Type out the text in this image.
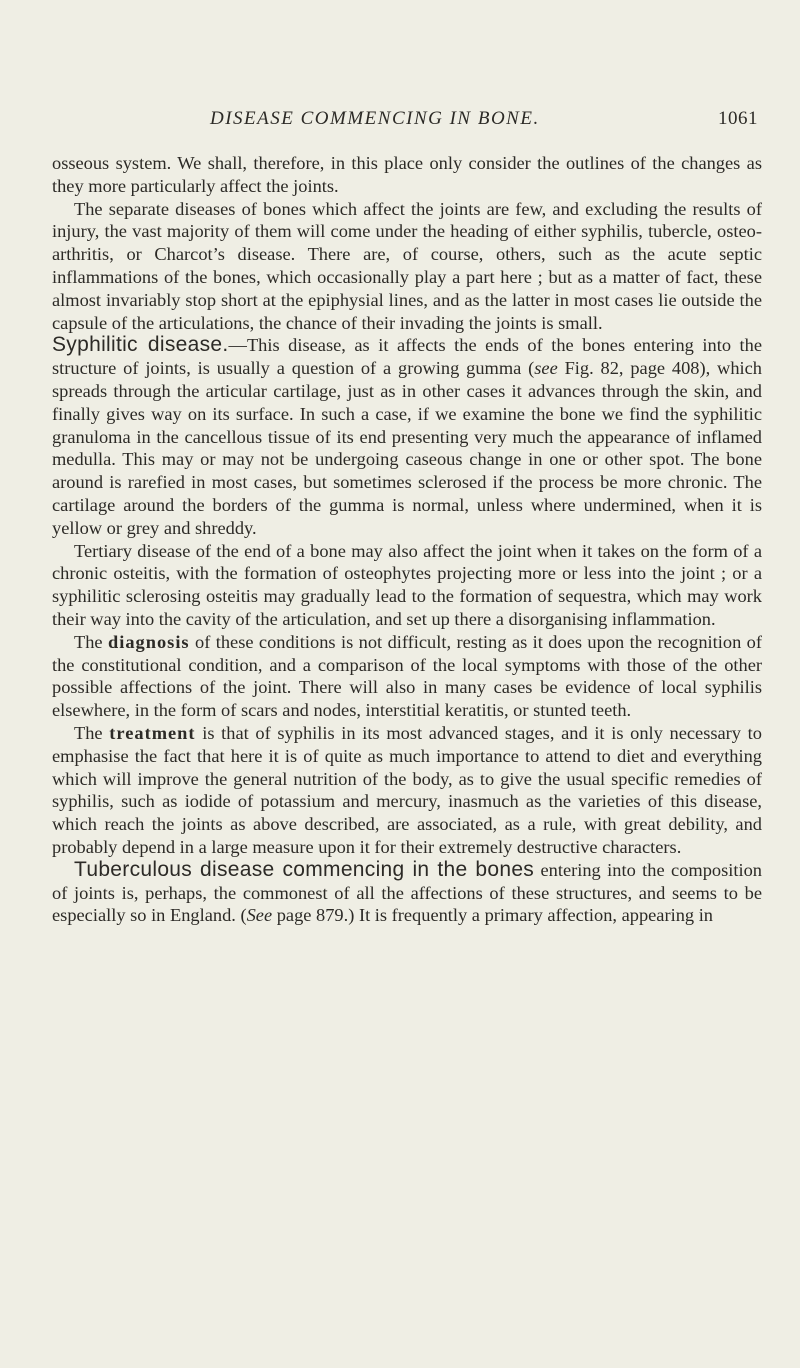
DISEASE COMMENCING IN BONE.	1061

osseous system. We shall, therefore, in this place only consider the outlines of the changes as they more particularly affect the joints.

The separate diseases of bones which affect the joints are few, and excluding the results of injury, the vast majority of them will come under the heading of either syphilis, tubercle, osteo-arthritis, or Charcot’s disease. There are, of course, others, such as the acute septic inflammations of the bones, which occasionally play a part here ; but as a matter of fact, these almost invariably stop short at the epiphysial lines, and as the latter in most cases lie outside the capsule of the articulations, the chance of their invading the joints is small.

Syphilitic disease.—This disease, as it affects the ends of the bones entering into the structure of joints, is usually a question of a growing gumma (see Fig. 82, page 408), which spreads through the articular cartilage, just as in other cases it advances through the skin, and finally gives way on its surface. In such a case, if we examine the bone we find the syphilitic granuloma in the cancellous tissue of its end presenting very much the appearance of inflamed medulla. This may or may not be undergoing caseous change in one or other spot. The bone around is rarefied in most cases, but sometimes sclerosed if the process be more chronic. The cartilage around the borders of the gumma is normal, unless where undermined, when it is yellow or grey and shreddy.

Tertiary disease of the end of a bone may also affect the joint when it takes on the form of a chronic osteitis, with the formation of osteophytes projecting more or less into the joint ; or a syphilitic sclerosing osteitis may gradually lead to the formation of sequestra, which may work their way into the cavity of the articulation, and set up there a disorganising inflammation.

The diagnosis of these conditions is not difficult, resting as it does upon the recognition of the constitutional condition, and a comparison of the local symptoms with those of the other possible affections of the joint. There will also in many cases be evidence of local syphilis elsewhere, in the form of scars and nodes, interstitial keratitis, or stunted teeth.

The treatment is that of syphilis in its most advanced stages, and it is only necessary to emphasise the fact that here it is of quite as much importance to attend to diet and everything which will improve the general nutrition of the body, as to give the usual specific remedies of syphilis, such as iodide of potassium and mercury, inasmuch as the varieties of this disease, which reach the joints as above described, are associated, as a rule, with great debility, and probably depend in a large measure upon it for their extremely destructive characters.

Tuberculous disease commencing in the bones entering into the composition of joints is, perhaps, the commonest of all the affections of these structures, and seems to be especially so in England. (See page 879.) It is frequently a primary affection, appearing in
